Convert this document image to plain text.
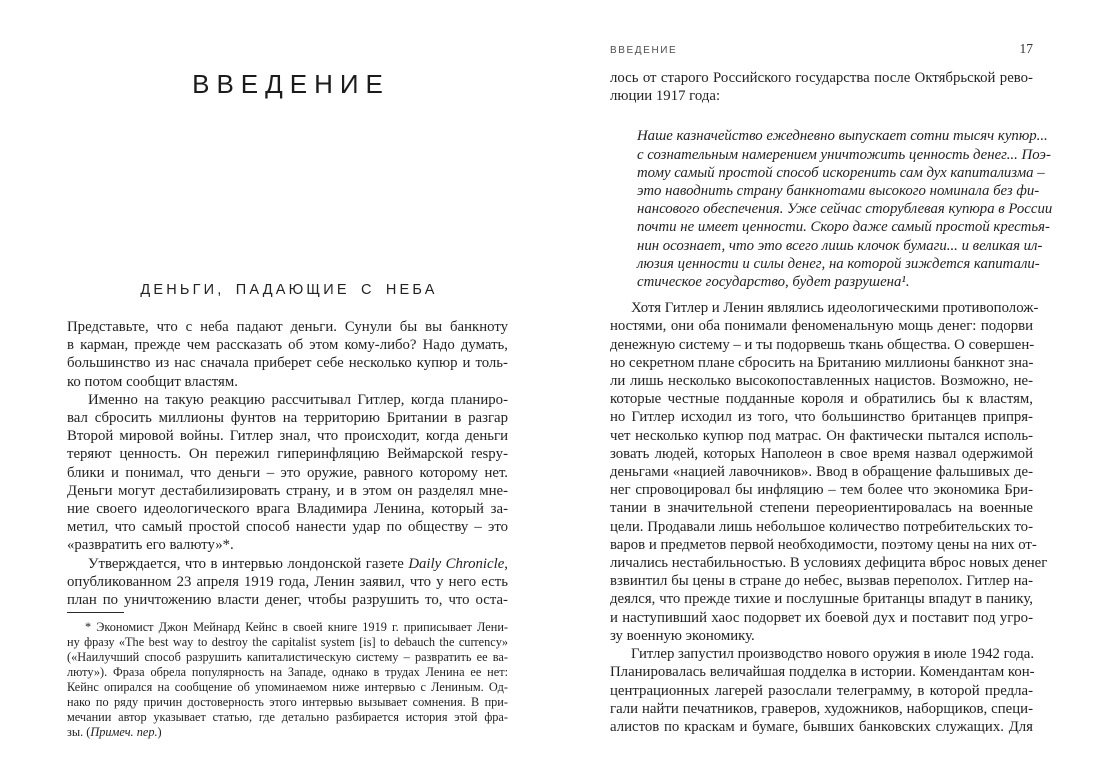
ВВЕДЕНИЕ
ДЕНЬГИ, ПАДАЮЩИЕ С НЕБА
Представьте, что с неба падают деньги. Сунули бы вы банкноту
в карман, прежде чем рассказать об этом кому-либо? Надо думать,
большинство из нас сначала приберет себе несколько купюр и толь-
ко потом сообщит властям.
Именно на такую реакцию рассчитывал Гитлер, когда планиро-
вал сбросить миллионы фунтов на территорию Британии в разгар
Второй мировой войны. Гитлер знал, что происходит, когда деньги
теряют ценность. Он пережил гиперинфляцию Веймарской respу-
блики и понимал, что деньги – это оружие, равного которому нет.
Деньги могут дестабилизировать страну, и в этом он разделял мне-
ние своего идеологического врага Владимира Ленина, который за-
метил, что самый простой способ нанести удар по обществу – это
«развратить его валюту»*.
Утверждается, что в интервью лондонской газете Daily Chronicle,
опубликованном 23 апреля 1919 года, Ленин заявил, что у него есть
план по уничтожению власти денег, чтобы разрушить то, что оста-
* Экономист Джон Мейнард Кейнс в своей книге 1919 г. приписывает Лени-
ну фразу «The best way to destroy the capitalist system [is] to debauch the currency»
(«Наилучший способ разрушить капиталистическую систему – развратить ее ва-
люту»). Фраза обрела популярность на Западе, однако в трудах Ленина ее нет:
Кейнс опирался на сообщение об упоминаемом ниже интервью с Лениным. Од-
нако по ряду причин достоверность этого интервью вызывает сомнения. В при-
мечании автор указывает статью, где детально разбирается история этой фра-
зы. (Примеч. пер.)
ВВЕДЕНИЕ	17
лось от старого Российского государства после Октябрьской рево-
люции 1917 года:
Наше казначейство ежедневно выпускает сотни тысяч купюр...
с сознательным намерением уничтожить ценность денег... Поэ-
тому самый простой способ искоренить сам дух капитализма –
это наводнить страну банкнотами высокого номинала без фи-
нансового обеспечения. Уже сейчас сторублевая купюра в России
почти не имеет ценности. Скоро даже самый простой крестья-
нин осознает, что это всего лишь клочок бумаги... и великая ил-
люзия ценности и силы денег, на которой зиждется капитали-
стическое государство, будет разрушена¹.
Хотя Гитлер и Ленин являлись идеологическими противополож-
ностями, они оба понимали феноменальную мощь денег: подорви
денежную систему – и ты подорвешь ткань общества. О совершен-
но секретном плане сбросить на Британию миллионы банкнот зна-
ли лишь несколько высокопоставленных нацистов. Возможно, не-
которые честные подданные короля и обратились бы к властям,
но Гитлер исходил из того, что большинство британцев припря-
чет несколько купюр под матрас. Он фактически пытался исполь-
зовать людей, которых Наполеон в свое время назвал одержимой
деньгами «нацией лавочников». Ввод в обращение фальшивых де-
нег спровоцировал бы инфляцию – тем более что экономика Бри-
тании в значительной степени переориентировалась на военные
цели. Продавали лишь небольшое количество потребительских то-
варов и предметов первой необходимости, поэтому цены на них от-
личались нестабильностью. В условиях дефицита вброс новых денег
взвинтил бы цены в стране до небес, вызвав переполох. Гитлер на-
деялся, что прежде тихие и послушные британцы впадут в панику,
и наступивший хаос подорвет их боевой дух и поставит под угро-
зу военную экономику.
Гитлер запустил производство нового оружия в июле 1942 года.
Планировалась величайшая подделка в истории. Комендантам кон-
центрационных лагерей разослали телеграмму, в которой предла-
гали найти печатников, граверов, художников, наборщиков, специ-
алистов по краскам и бумаге, бывших банковских служащих. Для
